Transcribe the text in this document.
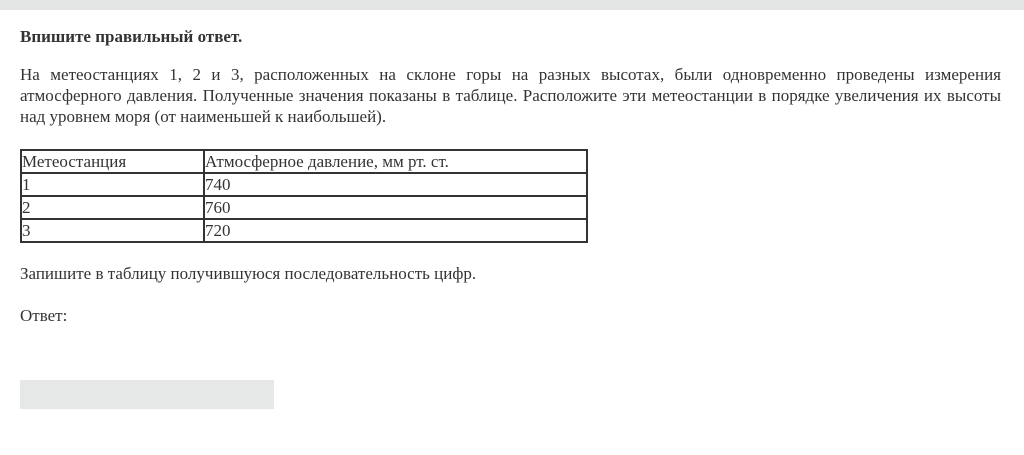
Впишите правильный ответ.

На метеостанциях 1, 2 и 3, расположенных на склоне горы на разных высотах, были одновременно проведены измерения атмосферного давления. Полученные значения показаны в таблице. Расположите эти метеостанции в порядке увеличения их высоты над уровнем моря (от наименьшей к наибольшей).

Метеостанция	Атмосферное давление, мм рт. ст.
1	740
2	760
3	720

Запишите в таблицу получившуюся последовательность цифр.

Ответ:
